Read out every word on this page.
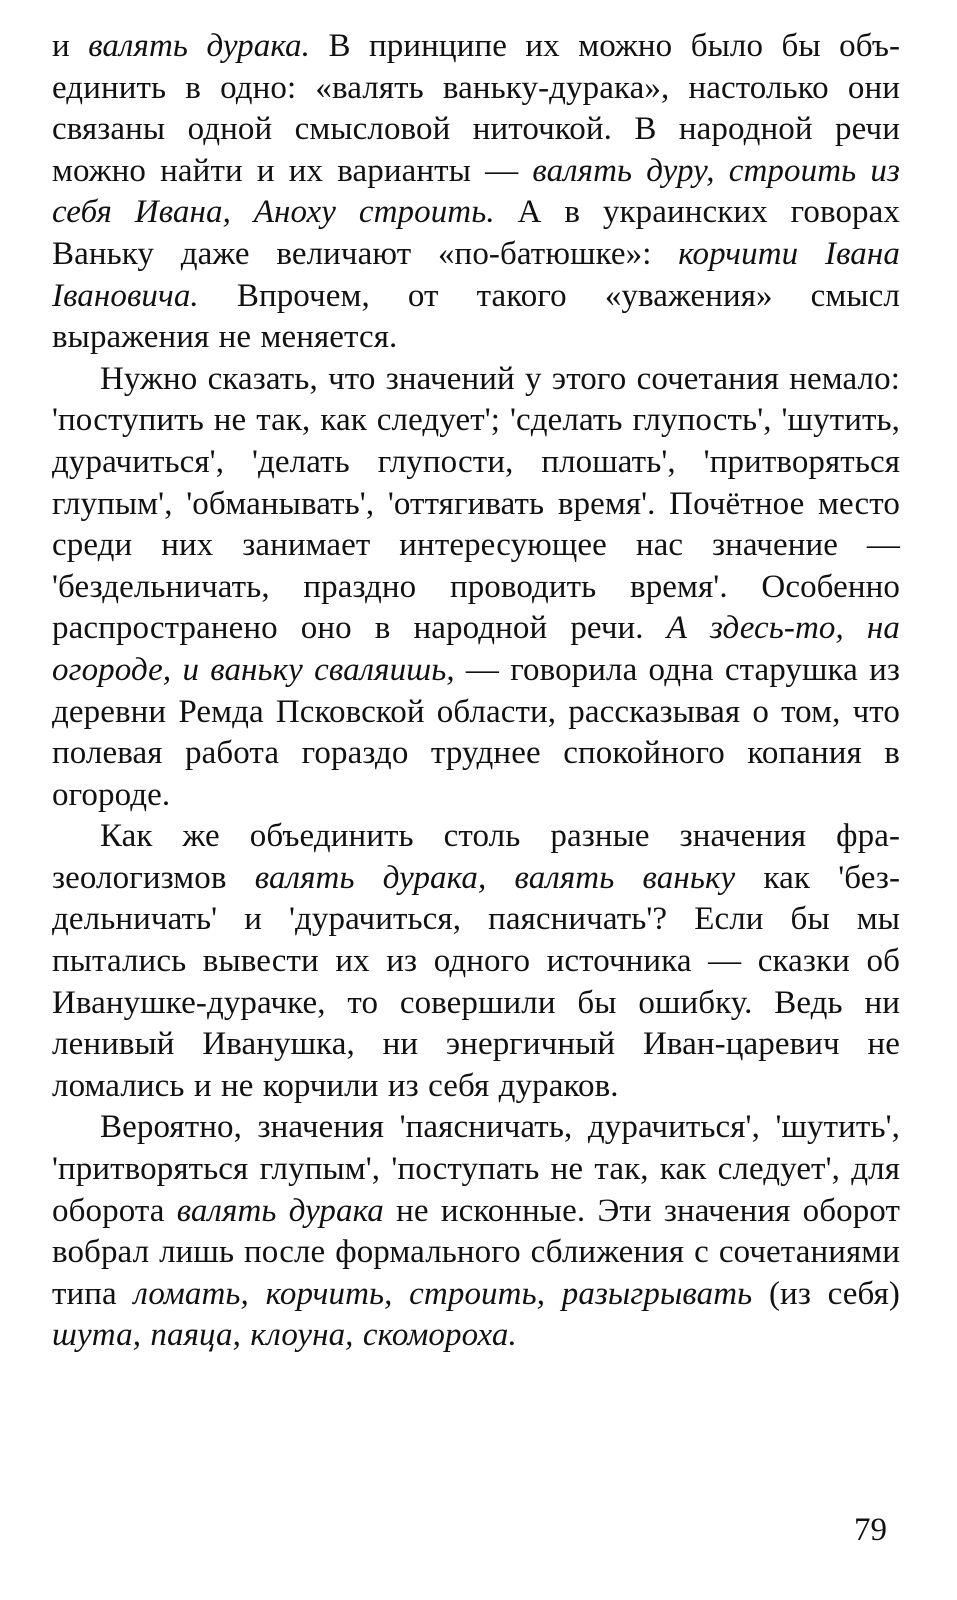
и валять дурака. В принципе их можно было бы объединить в одно: «валять ваньку-дурака», настолько они связаны одной смысловой ниточкой. В народной речи можно найти и их варианты — валять дуру, строить из себя Ивана, Аноху строить. А в украинских говорах Ваньку даже величают «по-батюшке»: корчити Івана Івановича. Впрочем, от такого «уважения» смысл выражения не меняется.

Нужно сказать, что значений у этого сочетания немало: 'поступить не так, как следует'; 'сделать глупость', 'шутить, дурачиться', 'делать глупости, плошать', 'притворяться глупым', 'обманывать', 'оттягивать время'. Почётное место среди них занимает интересующее нас значение — 'бездельничать, праздно проводить время'. Особенно распространено оно в народной речи. А здесь-то, на огороде, и ваньку сваляишь, — говорила одна старушка из деревни Ремда Псковской области, рассказывая о том, что полевая работа гораздо труднее спокойного копания в огороде.

Как же объединить столь разные значения фразеологизмов валять дурака, валять ваньку как 'бездельничать' и 'дурачиться, паясничать'? Если бы мы пытались вывести их из одного источника — сказки об Иванушке-дурачке, то совершили бы ошибку. Ведь ни ленивый Иванушка, ни энергичный Иван-царевич не ломались и не корчили из себя дураков.

Вероятно, значения 'паясничать, дурачиться', 'шутить', 'притворяться глупым', 'поступать не так, как следует', для оборота валять дурака не исконные. Эти значения оборот вобрал лишь после формального сближения с сочетаниями типа ломать, корчить, строить, разыгрывать (из себя) шута, паяца, клоуна, скомороха.

79
